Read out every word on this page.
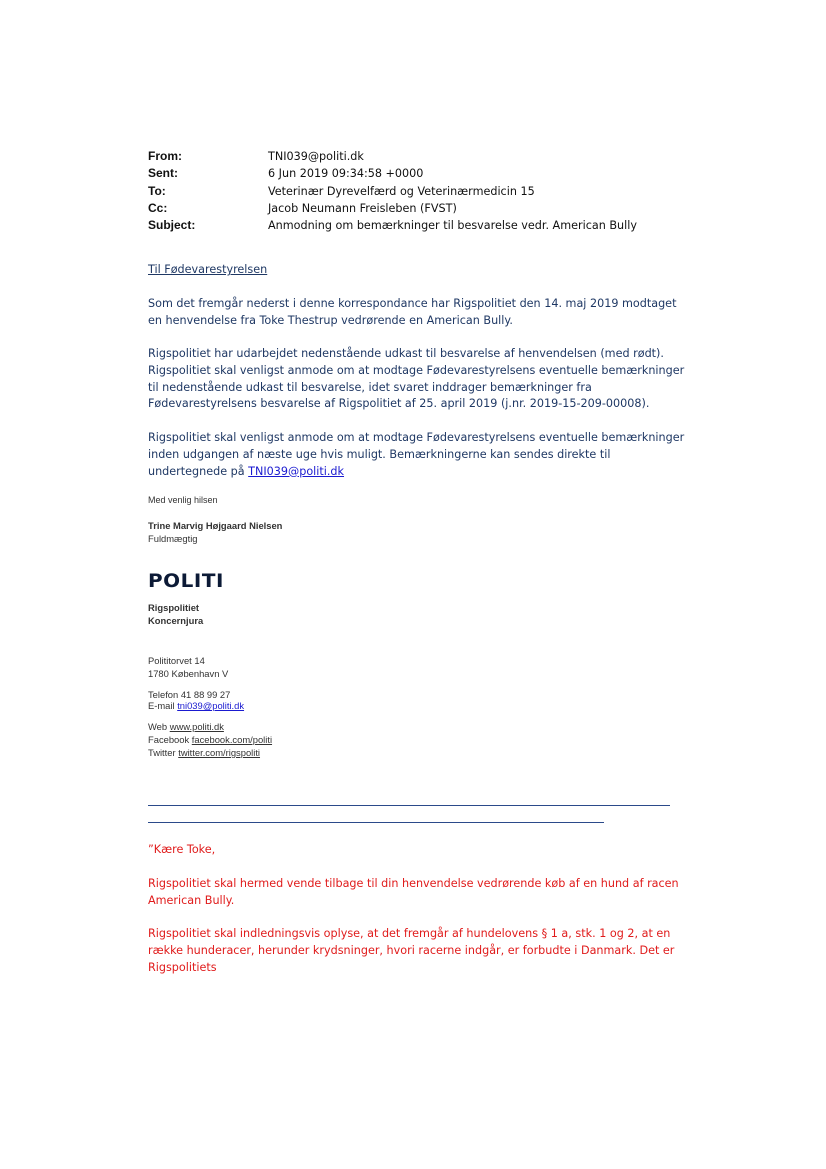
From:	TNI039@politi.dk
Sent:	6 Jun 2019 09:34:58 +0000
To:	Veterinær Dyrevelfærd og Veterinærmedicin 15
Cc:	Jacob Neumann Freisleben (FVST)
Subject:	Anmodning om bemærkninger til besvarelse vedr. American Bully

Til Fødevarestyrelsen

Som det fremgår nederst i denne korrespondance har Rigspolitiet den 14. maj 2019 modtaget en henvendelse fra Toke Thestrup vedrørende en American Bully.

Rigspolitiet har udarbejdet nedenstående udkast til besvarelse af henvendelsen (med rødt). Rigspolitiet skal venligst anmode om at modtage Fødevarestyrelsens eventuelle bemærkninger til nedenstående udkast til besvarelse, idet svaret inddrager bemærkninger fra Fødevarestyrelsens besvarelse af Rigspolitiet af 25. april 2019 (j.nr. 2019-15-209-00008).

Rigspolitiet skal venligst anmode om at modtage Fødevarestyrelsens eventuelle bemærkninger inden udgangen af næste uge hvis muligt. Bemærkningerne kan sendes direkte til undertegnede på TNI039@politi.dk

Med venlig hilsen
Trine Marvig Højgaard Nielsen
Fuldmægtig
POLITI
Rigspolitiet
Koncernjura
Polititorvet 14
1780 København V
Telefon 41 88 99 27
E-mail tni039@politi.dk
Web www.politi.dk
Facebook facebook.com/politi
Twitter twitter.com/rigspoliti

”Kære Toke,

Rigspolitiet skal hermed vende tilbage til din henvendelse vedrørende køb af en hund af racen American Bully.

Rigspolitiet skal indledningsvis oplyse, at det fremgår af hundelovens § 1 a, stk. 1 og 2, at en række hunderacer, herunder krydsninger, hvori racerne indgår, er forbudte i Danmark. Det er Rigspolitiets
